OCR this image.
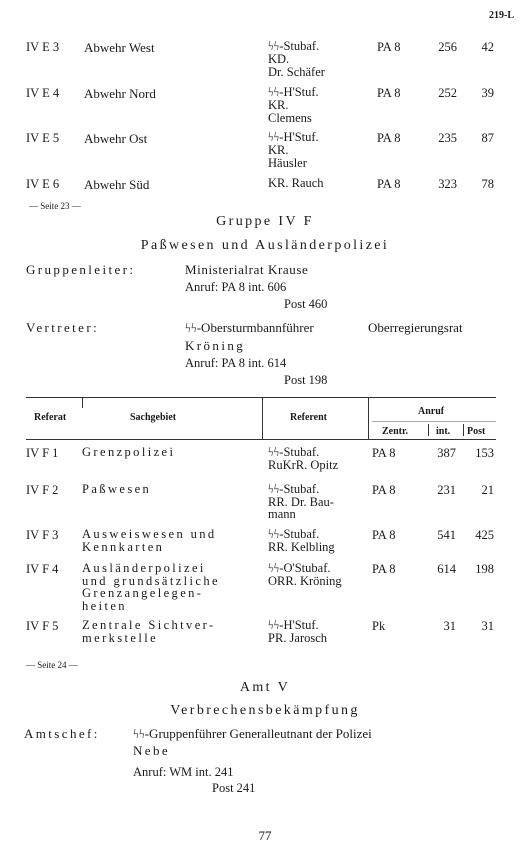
219-L
IV E 3 Abwehr West	ϟϟ-Stubaf.
KD.
Dr. Schäfer
PA 8	256	42
IV E 4 Abwehr Nord	ϟϟ-H'Stuf.
KR.
Clemens
PA 8	252	39
IV E 5 Abwehr Ost	ϟϟ-H'Stuf.
KR.
Häusler
PA 8	235	87
IV E 6 Abwehr Süd	KR. Rauch	PA 8	323	78
— Seite 23 —
Gruppe IV F
Paßwesen und Ausländerpolizei
Gruppenleiter:	Ministerialrat Krause
Anruf: PA 8 int. 606
Post 460
Vertreter:	ϟϟ-Obersturmbannführer	Oberregierungsrat
Kröning
Anruf: PA 8 int. 614
Post 198
Referat	Sachgebiet	Referent
Anruf
Zentr.	int. Post
IV F 1 Grenzpolizei	ϟϟ-Stubaf.
RuKrR. Opitz
PA 8	387	153
IV F 2 Paßwesen	ϟϟ-Stubaf.
RR. Dr. Bau-
mann
PA 8	231	21
IV F 3 Ausweiswesen und
Kennkarten
ϟϟ-Stubaf.
RR. Kelbling
PA 8	541	425
IV F 4 Ausländerpolizei
und grundsätzliche
Grenzangelegen-
heiten
ϟϟ-O'Stubaf.
ORR. Kröning
PA 8	614	198
IV F 5 Zentrale Sichtver-
merkstelle
ϟϟ-H'Stuf.
PR. Jarosch
Pk	31	31
— Seite 24 —
Amt V
Verbrechensbekämpfung
Amtschef:	ϟϟ-Gruppenführer Generalleutnant der Polizei
Nebe
Anruf: WM int. 241
Post 241
77
